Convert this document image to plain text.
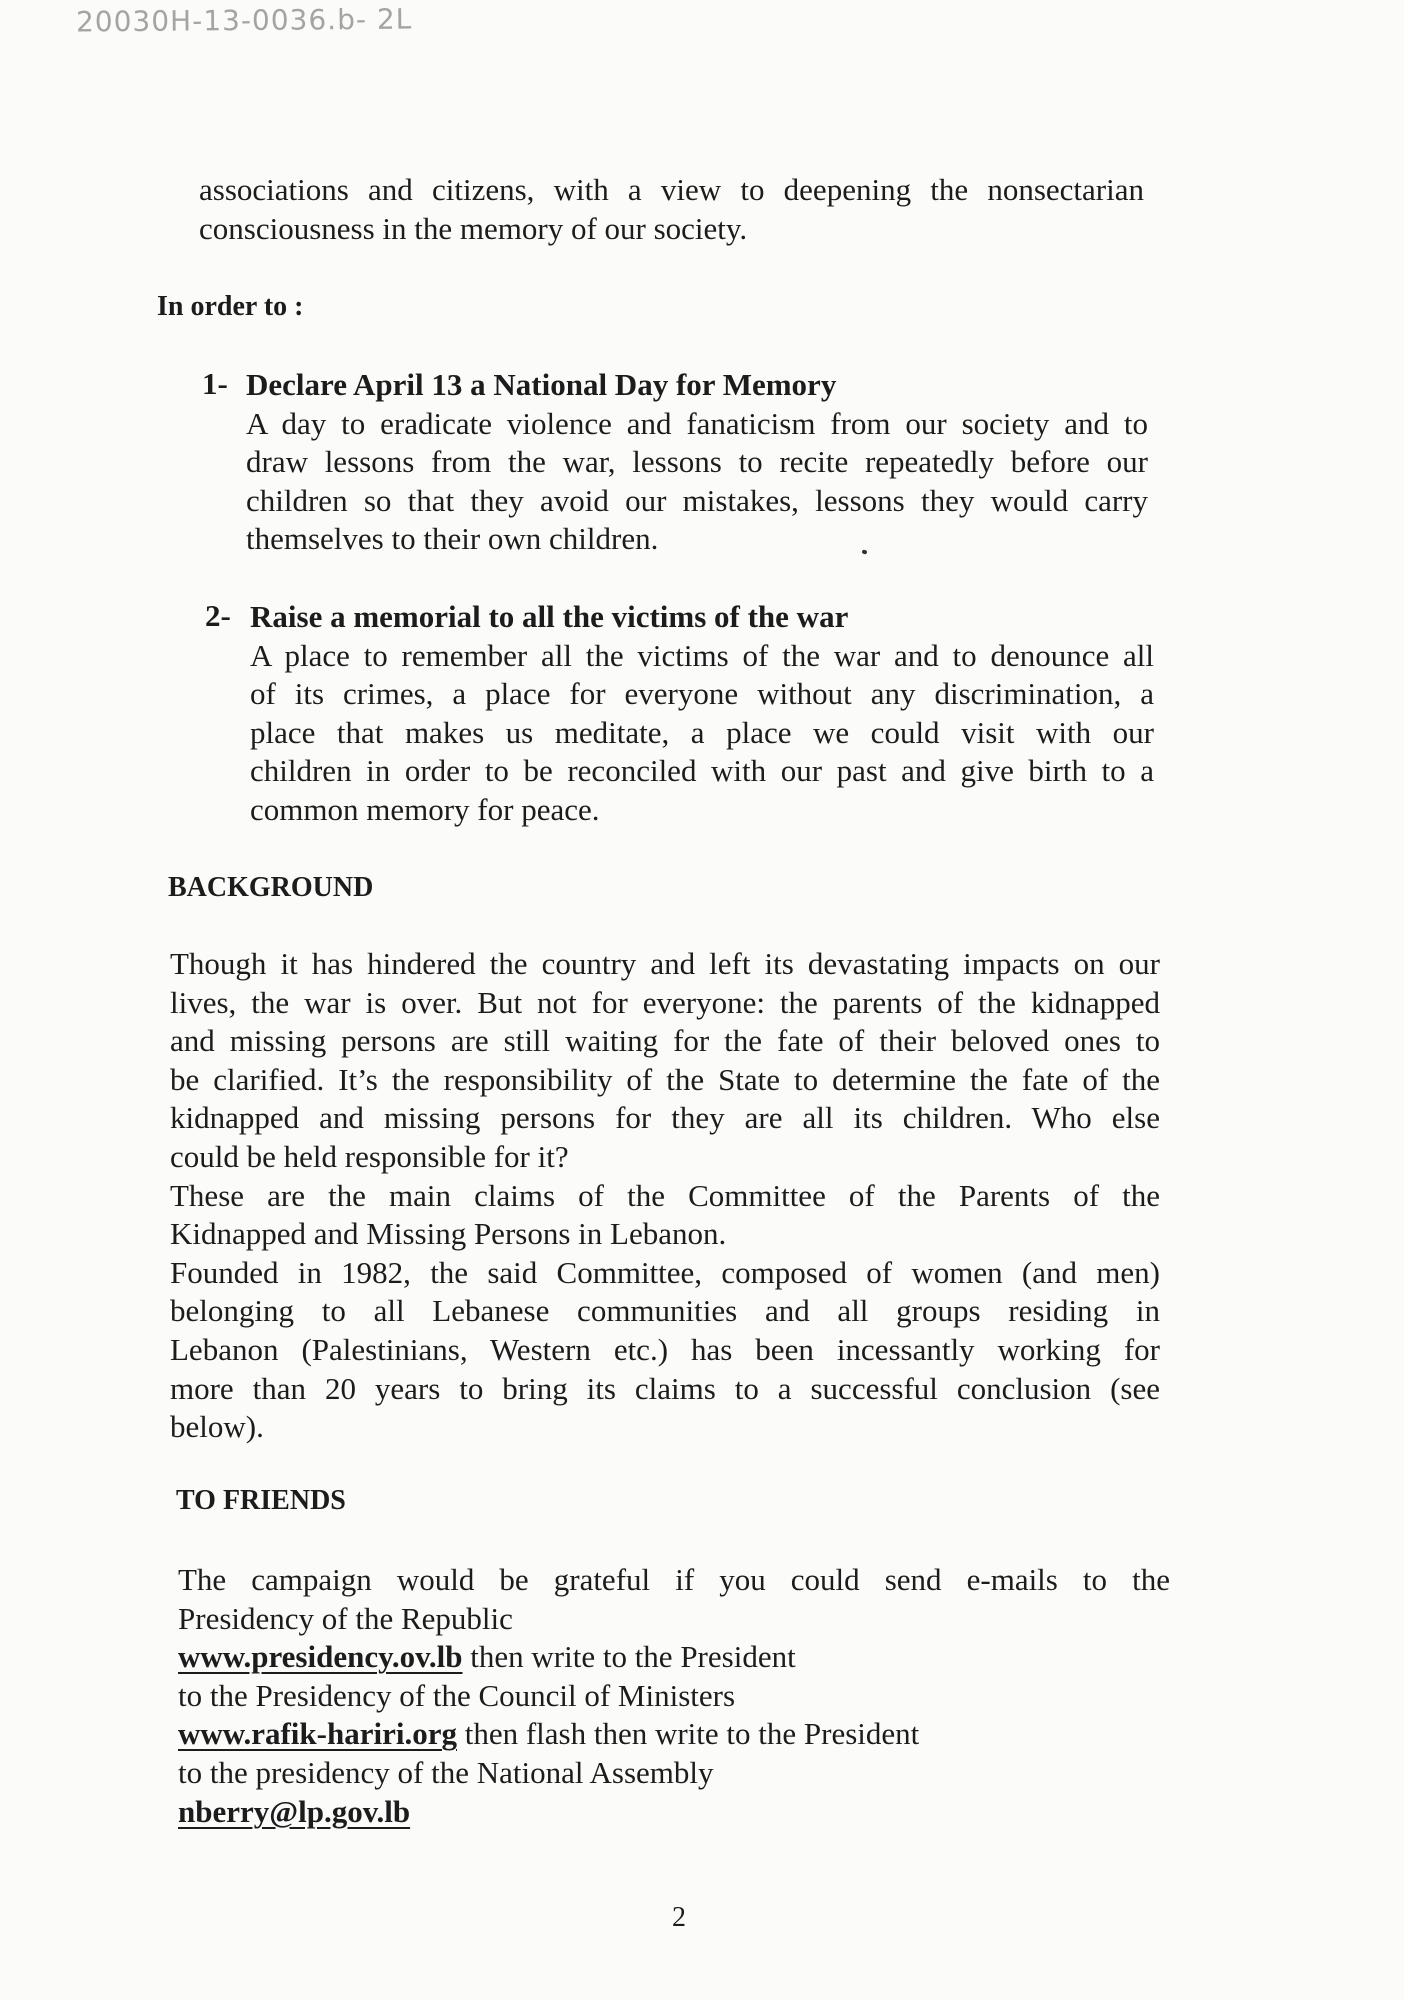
20030H-13-0036.b- 2L
associations and citizens, with a view to deepening the nonsectarian
consciousness in the memory of our society.
In order to :
1- Declare April 13 a National Day for Memory
A day to eradicate violence and fanaticism from our society and to
draw lessons from the war, lessons to recite repeatedly before our
children so that they avoid our mistakes, lessons they would carry
themselves to their own children.
2- Raise a memorial to all the victims of the war
A place to remember all the victims of the war and to denounce all
of its crimes, a place for everyone without any discrimination, a
place that makes us meditate, a place we could visit with our
children in order to be reconciled with our past and give birth to a
common memory for peace.
BACKGROUND
Though it has hindered the country and left its devastating impacts on our
lives, the war is over. But not for everyone: the parents of the kidnapped
and missing persons are still waiting for the fate of their beloved ones to
be clarified. It’s the responsibility of the State to determine the fate of the
kidnapped and missing persons for they are all its children. Who else
could be held responsible for it?
These are the main claims of the Committee of the Parents of the
Kidnapped and Missing Persons in Lebanon.
Founded in 1982, the said Committee, composed of women (and men)
belonging to all Lebanese communities and all groups residing in
Lebanon (Palestinians, Western etc.) has been incessantly working for
more than 20 years to bring its claims to a successful conclusion (see
below).
TO FRIENDS
The campaign would be grateful if you could send e-mails to the
Presidency of the Republic
www.presidency.ov.lb then write to the President
to the Presidency of the Council of Ministers
www.rafik-hariri.org then flash then write to the President
to the presidency of the National Assembly
nberry@lp.gov.lb
2
